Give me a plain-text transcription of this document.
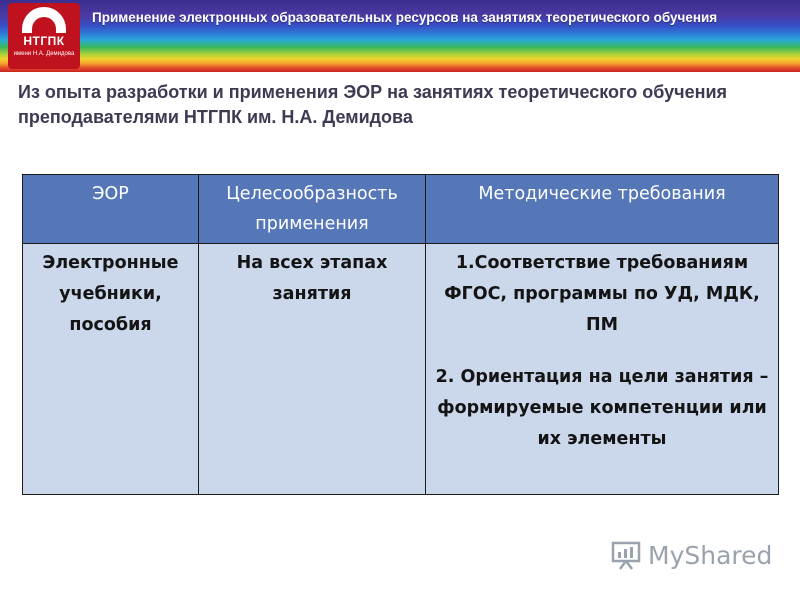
НТГПК
имени Н.А. Демидова
Применение электронных образовательных ресурсов на занятиях теоретического обучения
Из опыта разработки и применения ЭОР на занятиях теоретического обучения
преподавателями НТГПК им. Н.А. Демидова
ЭОР	Целесообразность применения	Методические требования
Электронные учебники, пособия	На всех этапах занятия	1.Соответствие требованиям ФГОС, программы по УД, МДК, ПМ
2. Ориентация на цели занятия – формируемые компетенции или их элементы
MyShared
